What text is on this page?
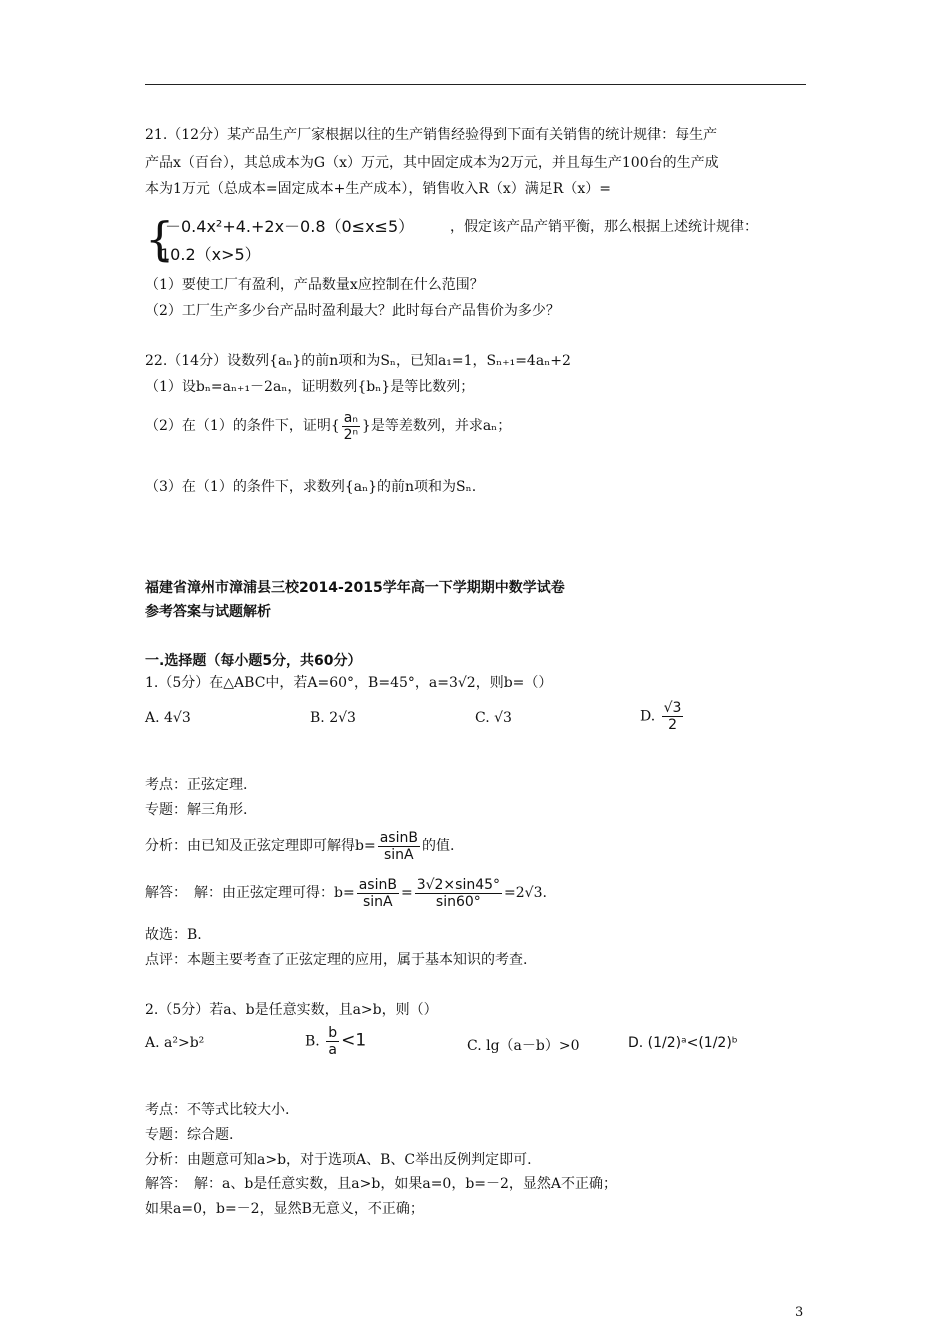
21.（12分）某产品生产厂家根据以往的生产销售经验得到下面有关销售的统计规律：每生产
产品x（百台），其总成本为G（x）万元，其中固定成本为2万元，并且每生产100台的生产成
本为1万元（总成本=固定成本+生产成本），销售收入R（x）满足R（x）=
{
－0.4x²+4.+2x－0.8（0≤x≤5）	，假定该产品产销平衡，那么根据上述统计规律：
10.2（x>5）
（1）要使工厂有盈利，产品数量x应控制在什么范围？
（2）工厂生产多少台产品时盈利最大？此时每台产品售价为多少？
22.（14分）设数列{aₙ}的前n项和为Sₙ，已知a₁=1，Sₙ₊₁=4aₙ+2
（1）设bₙ=aₙ₊₁－2aₙ，证明数列{bₙ}是等比数列；
（2）在（1）的条件下，证明{ $\frac{\text{aₙ}}{\text{2ⁿ}}$ }是等差数列，并求aₙ；
（3）在（1）的条件下，求数列{aₙ}的前n项和为Sₙ.
福建省漳州市漳浦县三校2014-2015学年高一下学期期中数学试卷
参考答案与试题解析
一.选择题（每小题5分，共60分）
1.（5分）在△ABC中，若A=60°，B=45°，a=3√2，则b=（）
A. 4√3	B. 2√3	C. √3	D. $\frac{√3}{2}$
考点：正弦定理.
专题：解三角形.
分析：由已知及正弦定理即可解得$b= \frac{asinB}{\sin A}$ 的值.
解答：　解：由正弦定理可得：$b= \frac{asinB}{\sin A} = \frac{3√2\times\sin 45^\circ}{\sin 60^\circ} =2√3$.
故选：B.
点评：本题主要考查了正弦定理的应用，属于基本知识的考查.
2.（5分）若a、b是任意实数，且a>b，则（）
A. a²>b²	B. $\frac{b}{a} <1$	C. lg（a－b）>0	D. (1/2)ᵃ<(1/2)ᵇ
考点：不等式比较大小.
专题：综合题.
分析：由题意可知a>b，对于选项A、B、C举出反例判定即可.
解答：　解：a、b是任意实数，且a>b，如果a=0，b=－2，显然A不正确；
如果a=0，b=－2，显然B无意义，不正确；
3
